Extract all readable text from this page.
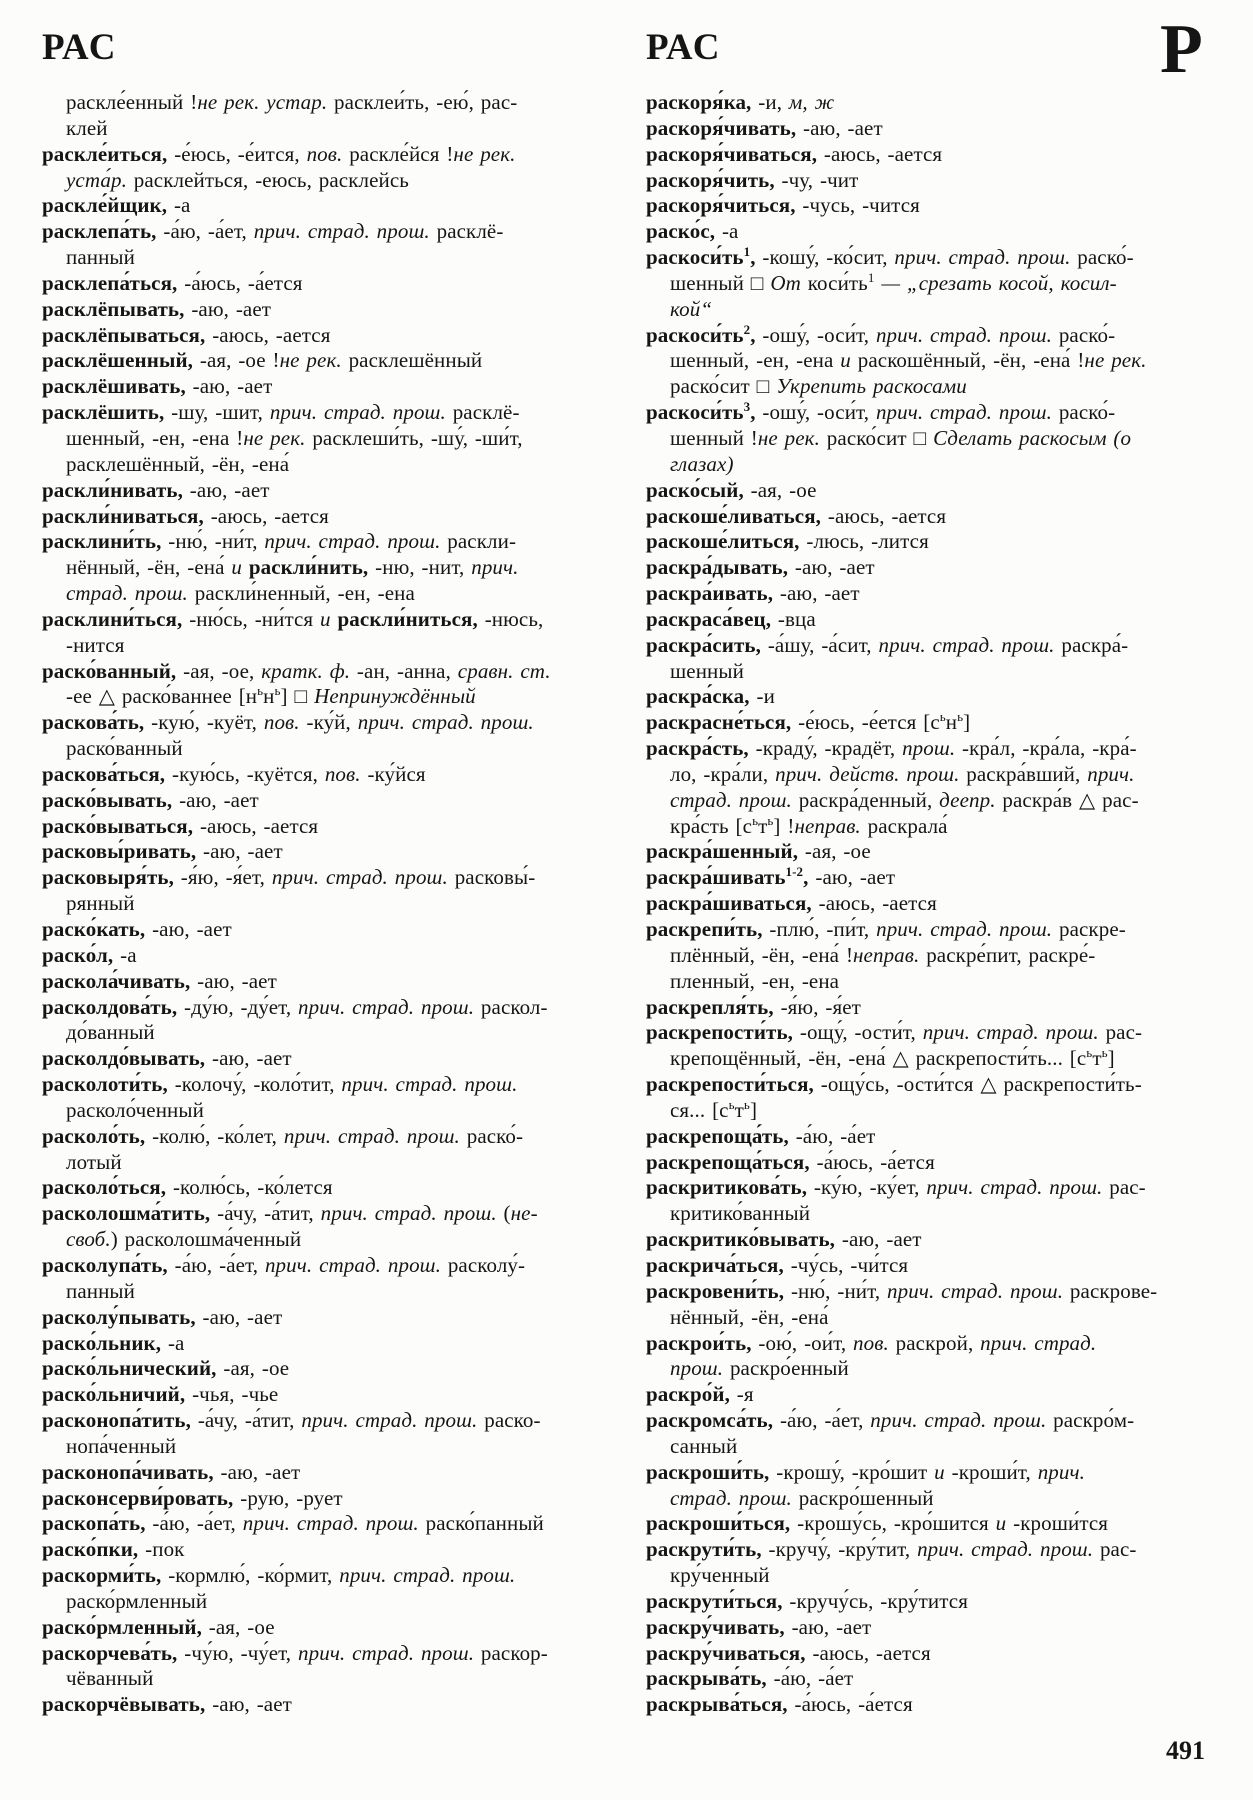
РАС	РАС	Р
раскле́енный !не рек. устар. расклеи́ть, -ею́, рас-
клей
раскле́иться, -е́юсь, -е́ится, пов. раскле́йся !не рек.
уста́р. расклейться, -еюсь, расклейсь
раскле́йщик, -а
расклепа́ть, -а́ю, -а́ет, прич. страд. прош. расклё-
панный
расклепа́ться, -а́юсь, -а́ется
расклёпывать, -аю, -ает
расклёпываться, -аюсь, -ается
расклёшенный, -ая, -ое !не рек. расклешённый
расклёшивать, -аю, -ает
расклёшить, -шу, -шит, прич. страд. прош. расклё-
шенный, -ен, -ена !не рек. расклеши́ть, -шу́, -ши́т,
расклешённый, -ён, -ена́
раскли́нивать, -аю, -ает
раскли́ниваться, -аюсь, -ается
расклини́ть, -ню́, -ни́т, прич. страд. прош. раскли-
нённый, -ён, -ена́ и раскли́нить, -ню, -нит, прич.
страд. прош. раскли́ненный, -ен, -ена
расклини́ться, -ню́сь, -ни́тся и раскли́ниться, -нюсь,
-нится
раско́ванный, -ая, -ое, кратк. ф. -ан, -анна, сравн. ст.
-ее △ раско́ваннее $[н^ьн^ь]$ □ Непринуждённый
раскова́ть, -кую́, -куёт, пов. -ку́й, прич. страд. прош.
раско́ванный
раскова́ться, -кую́сь, -куётся, пов. -ку́йся
раско́вывать, -аю, -ает
раско́вываться, -аюсь, -ается
расковы́ривать, -аю, -ает
расковыря́ть, -я́ю, -я́ет, прич. страд. прош. расковы́-
рянный
раско́кать, -аю, -ает
раско́л, -а
раскола́чивать, -аю, -ает
расколдова́ть, -ду́ю, -ду́ет, прич. страд. прош. раскол-
до́ванный
расколдо́вывать, -аю, -ает
расколоти́ть, -колочу́, -коло́тит, прич. страд. прош.
расколо́ченный
расколо́ть, -колю́, -ко́лет, прич. страд. прош. раско́-
лотый
расколо́ться, -колю́сь, -ко́лется
расколошма́тить, -а́чу, -а́тит, прич. страд. прош. (не-
своб.) расколошма́ченный
расколупа́ть, -а́ю, -а́ет, прич. страд. прош. расколу́-
панный
расколу́пывать, -аю, -ает
раско́льник, -а
раско́льнический, -ая, -ое
раско́льничий, -чья, -чье
расконопа́тить, -а́чу, -а́тит, прич. страд. прош. раско-
нопа́ченный
расконопа́чивать, -аю, -ает
расконсерви́ровать, -рую, -рует
раскопа́ть, -а́ю, -а́ет, прич. страд. прош. раско́панный
раско́пки, -пок
раскорми́ть, -кормлю́, -ко́рмит, прич. страд. прош.
раско́рмленный
раско́рмленный, -ая, -ое
раскорчева́ть, -чу́ю, -чу́ет, прич. страд. прош. раскор-
чёванный
раскорчёвывать, -аю, -ает
раскоря́ка, -и, м, ж
раскоря́чивать, -аю, -ает
раскоря́чиваться, -аюсь, -ается
раскоря́чить, -чу, -чит
раскоря́читься, -чусь, -чится
раско́с, -а
$раскоси́ть^1$, -кошу́, -ко́сит, прич. страд. прош. раско́-
шенный □ От $коси́ть^1$ — „срезать косой, косил-
кой“
$раскоси́ть^2$, -ошу́, -оси́т, прич. страд. прош. раско́-
шенный, -ен, -ена и раскошённый, -ён, -ена́ !не рек.
раско́сит □ Укрепить раскосами
$раскоси́ть^3$, -ошу́, -оси́т, прич. страд. прош. раско́-
шенный !не рек. раско́сит □ Сделать раскосым (о
глазах)
раско́сый, -ая, -ое
раскоше́ливаться, -аюсь, -ается
раскоше́литься, -люсь, -лится
раскра́дывать, -аю, -ает
раскра́ивать, -аю, -ает
раскраса́вец, -вца
раскра́сить, -а́шу, -а́сит, прич. страд. прош. раскра́-
шенный
раскра́ска, -и
раскрасне́ться, -е́юсь, -е́ется $[с^ьн^ь]$
раскра́сть, -краду́, -крадёт, прош. -кра́л, -кра́ла, -кра́-
ло, -кра́ли, прич. действ. прош. раскра́вший, прич.
страд. прош. раскра́денный, деепр. раскра́в △ рас-
кра́сть $[с^ьт^ь]$ !неправ. раскрала́
раскра́шенный, -ая, -ое
раскра́шивать$^{1-2}$, -аю, -ает
раскра́шиваться, -аюсь, -ается
раскрепи́ть, -плю́, -пи́т, прич. страд. прош. раскре-
плённый, -ён, -ена́ !неправ. раскре́пит, раскре́-
пленный, -ен, -ена
раскрепля́ть, -я́ю, -я́ет
раскрепости́ть, -ощу́, -ости́т, прич. страд. прош. рас-
крепощённый, -ён, -ена́ △ раскрепости́ть... $[с^ьт^ь]$
раскрепости́ться, -ощу́сь, -ости́тся △ раскрепости́ть-
ся... $[с^ьт^ь]$
раскрепоща́ть, -а́ю, -а́ет
раскрепоща́ться, -а́юсь, -а́ется
раскритикова́ть, -ку́ю, -ку́ет, прич. страд. прош. рас-
критико́ванный
раскритико́вывать, -аю, -ает
раскрича́ться, -чу́сь, -чи́тся
раскровени́ть, -ню́, -ни́т, прич. страд. прош. раскрове-
нённый, -ён, -ена́
раскрои́ть, -ою́, -ои́т, пов. раскрой, прич. страд.
прош. раскро́енный
раскро́й, -я
раскромса́ть, -а́ю, -а́ет, прич. страд. прош. раскро́м-
санный
раскроши́ть, -крошу́, -кро́шит и -кроши́т, прич.
страд. прош. раскро́шенный
раскроши́ться, -крошу́сь, -кро́шится и -кроши́тся
раскрути́ть, -кручу́, -кру́тит, прич. страд. прош. рас-
кру́ченный
раскрути́ться, -кручу́сь, -кру́тится
раскру́чивать, -аю, -ает
раскру́чиваться, -аюсь, -ается
раскрыва́ть, -а́ю, -а́ет
раскрыва́ться, -а́юсь, -а́ется
491
